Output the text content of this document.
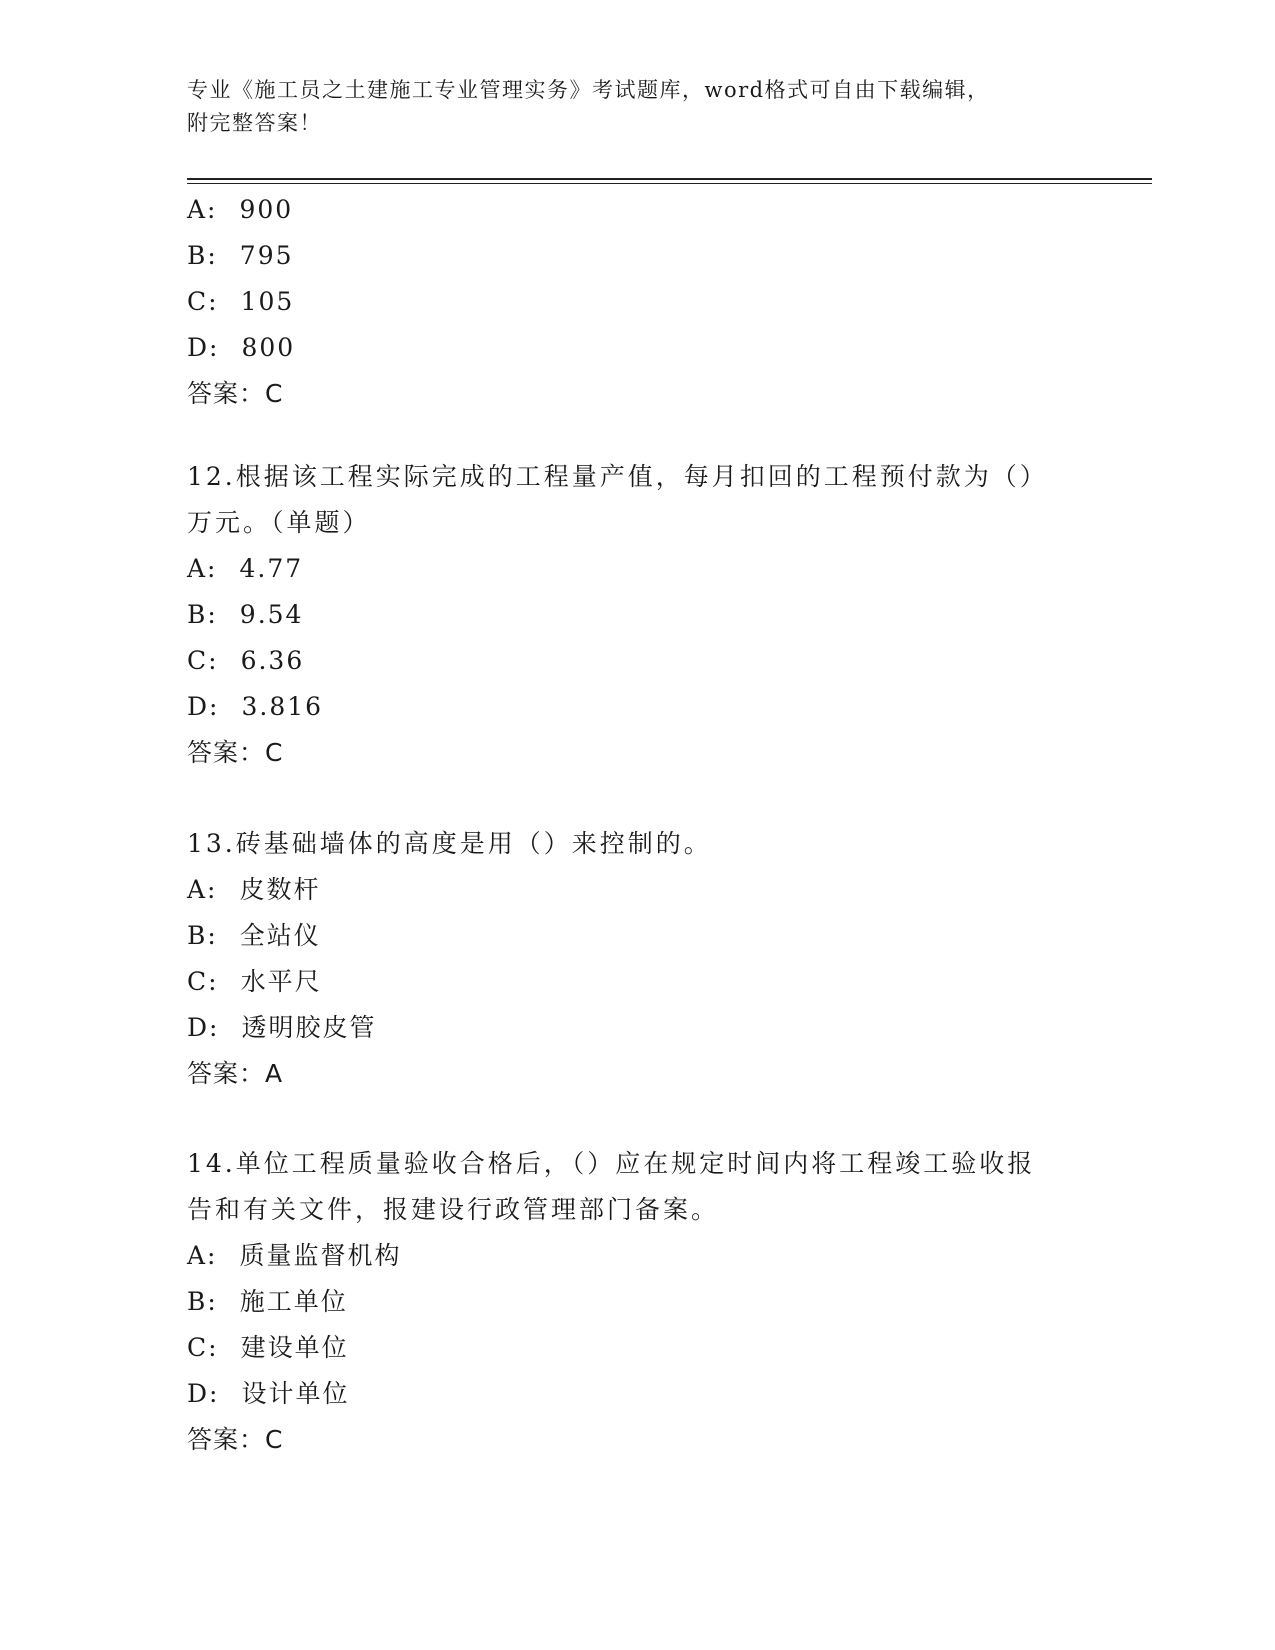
专业《施工员之土建施工专业管理实务》考试题库，word格式可自由下载编辑，
附完整答案！
A: 900
B: 795
C: 105
D: 800
答案：C
12.根据该工程实际完成的工程量产值，每月扣回的工程预付款为（）
万元。（单题）
A: 4.77
B: 9.54
C: 6.36
D: 3.816
答案：C
13.砖基础墙体的高度是用（）来控制的。
A: 皮数杆
B: 全站仪
C: 水平尺
D: 透明胶皮管
答案：A
14.单位工程质量验收合格后，（）应在规定时间内将工程竣工验收报
告和有关文件，报建设行政管理部门备案。
A: 质量监督机构
B: 施工单位
C: 建设单位
D: 设计单位
答案：C
